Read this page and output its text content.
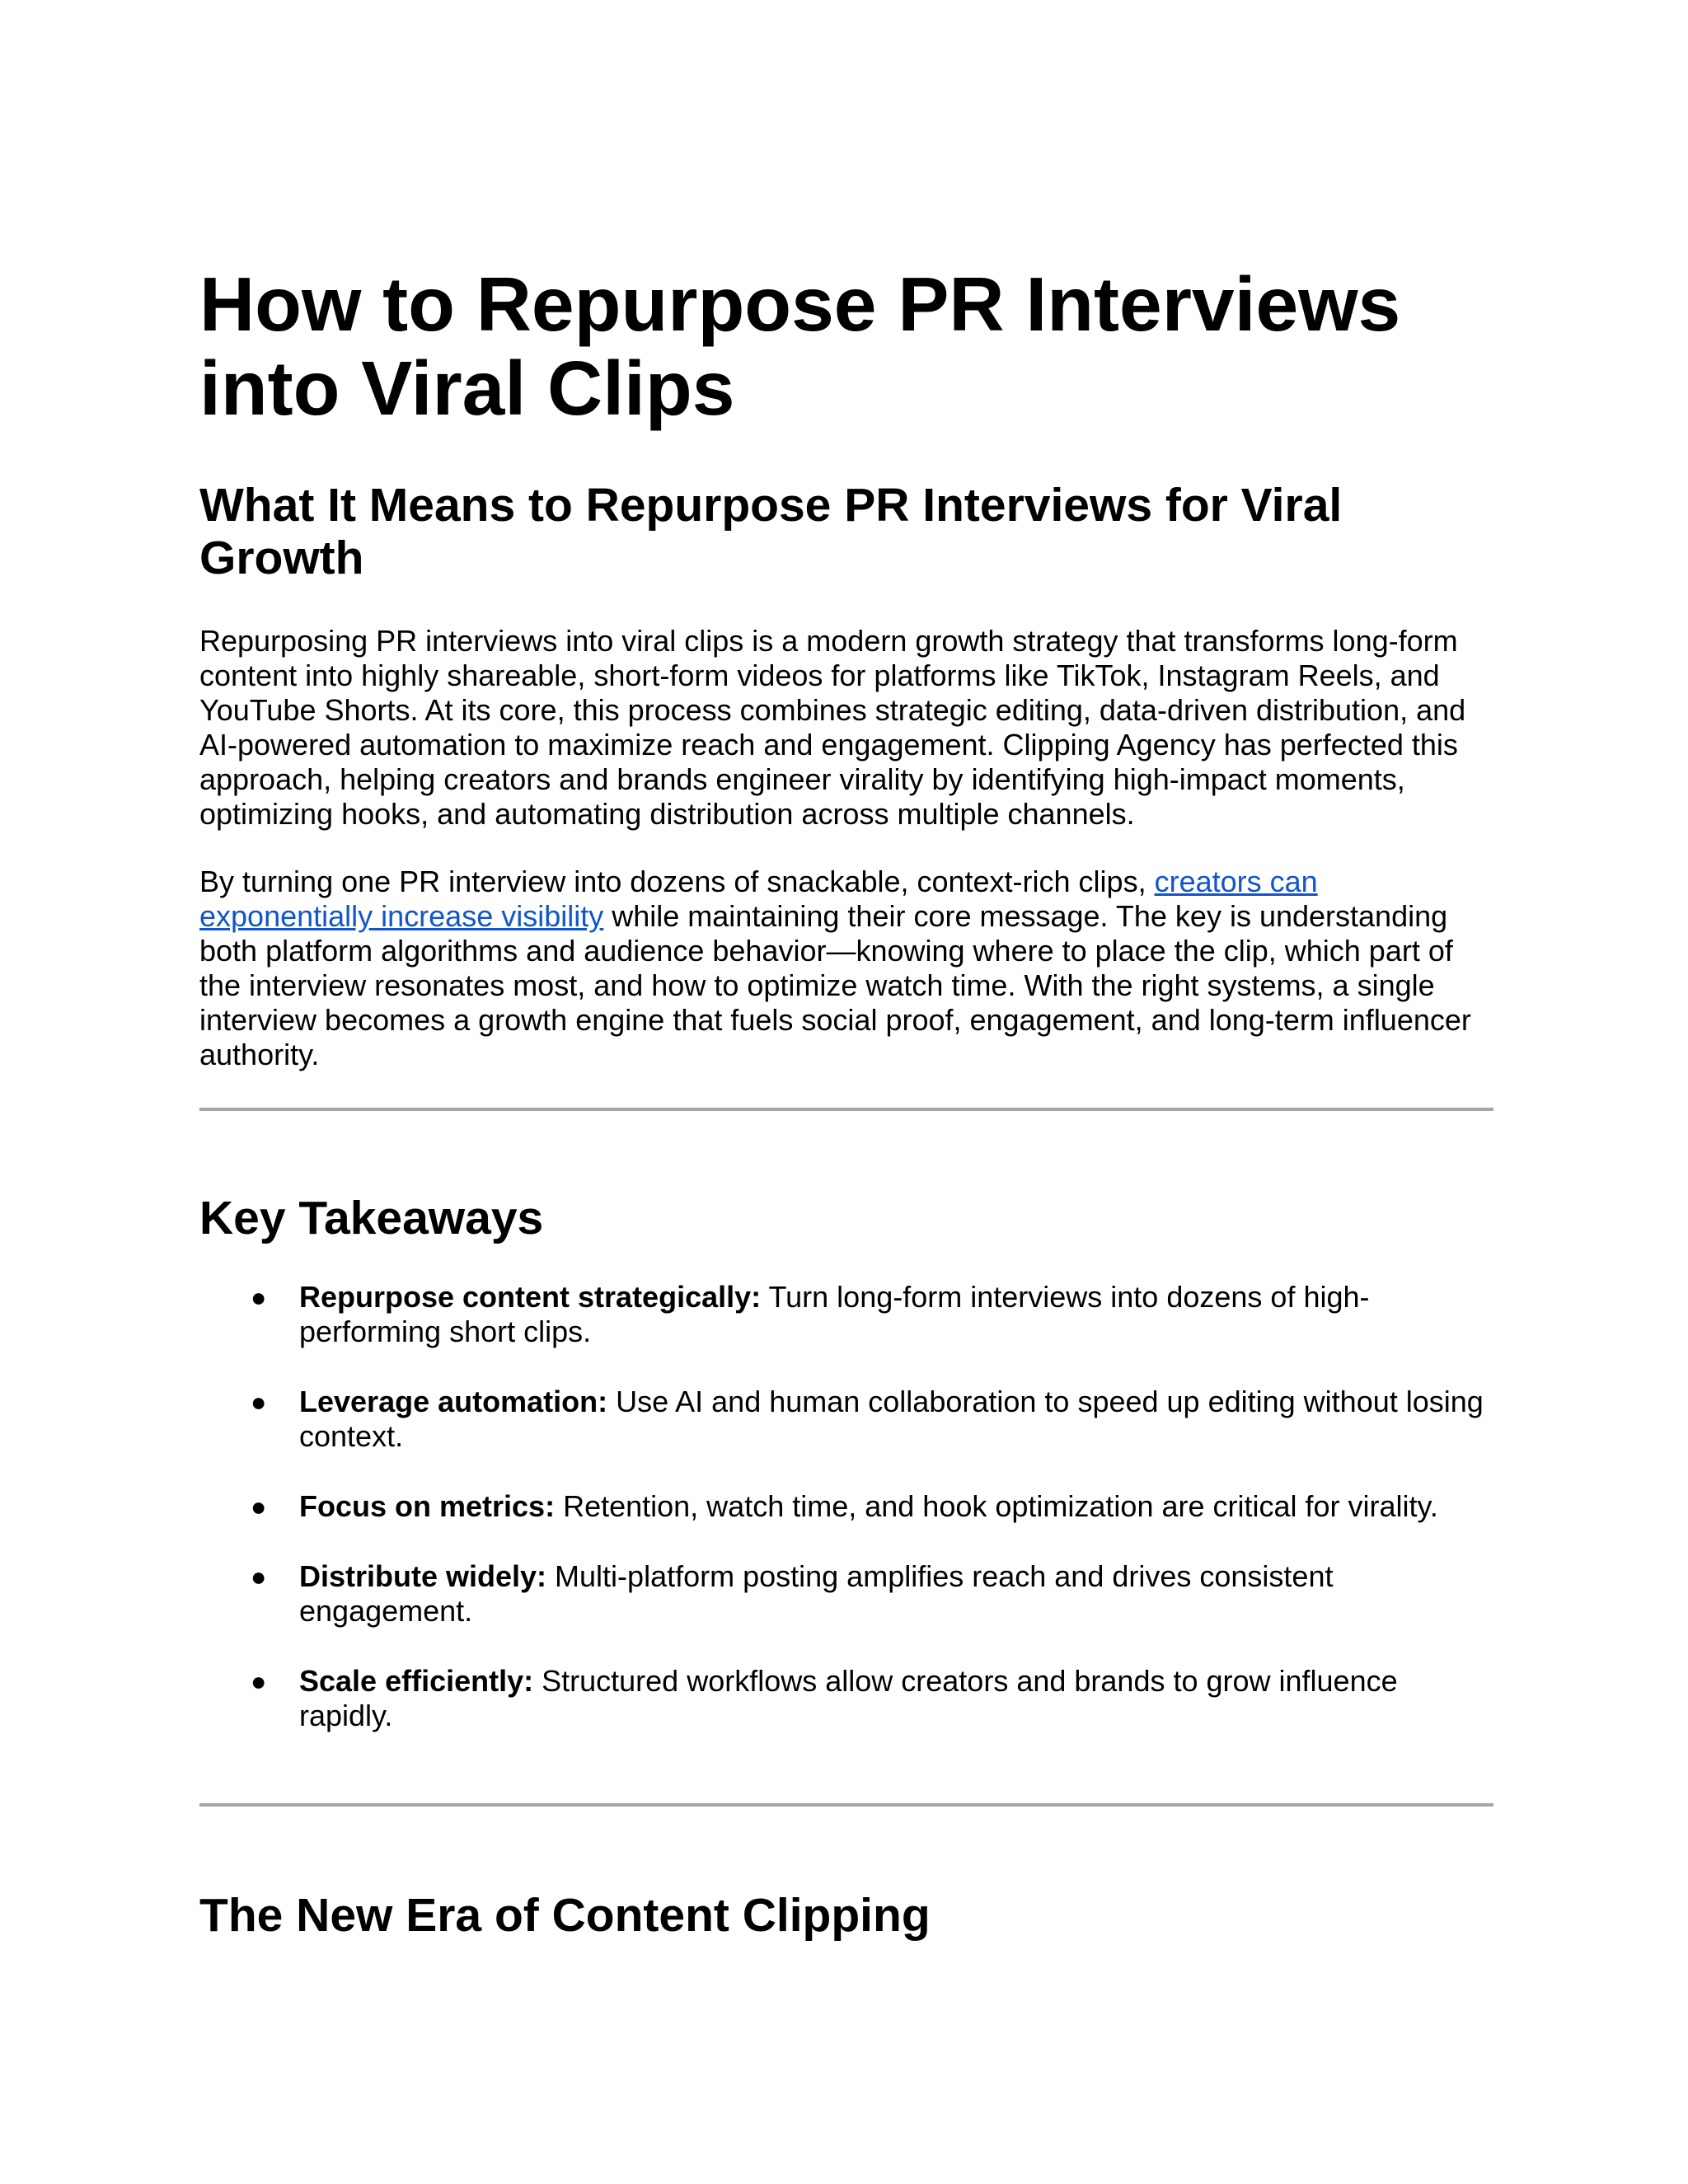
How to Repurpose PR Interviews into Viral Clips
What It Means to Repurpose PR Interviews for Viral Growth

Repurposing PR interviews into viral clips is a modern growth strategy that transforms long-form content into highly shareable, short-form videos for platforms like TikTok, Instagram Reels, and YouTube Shorts. At its core, this process combines strategic editing, data-driven distribution, and AI-powered automation to maximize reach and engagement. Clipping Agency has perfected this approach, helping creators and brands engineer virality by identifying high-impact moments, optimizing hooks, and automating distribution across multiple channels.

By turning one PR interview into dozens of snackable, context-rich clips, creators can exponentially increase visibility while maintaining their core message. The key is understanding both platform algorithms and audience behavior—knowing where to place the clip, which part of the interview resonates most, and how to optimize watch time. With the right systems, a single interview becomes a growth engine that fuels social proof, engagement, and long-term influencer authority.

Key Takeaways
● Repurpose content strategically: Turn long-form interviews into dozens of high-performing short clips.
● Leverage automation: Use AI and human collaboration to speed up editing without losing context.
● Focus on metrics: Retention, watch time, and hook optimization are critical for virality.
● Distribute widely: Multi-platform posting amplifies reach and drives consistent engagement.
● Scale efficiently: Structured workflows allow creators and brands to grow influence rapidly.
The New Era of Content Clipping
